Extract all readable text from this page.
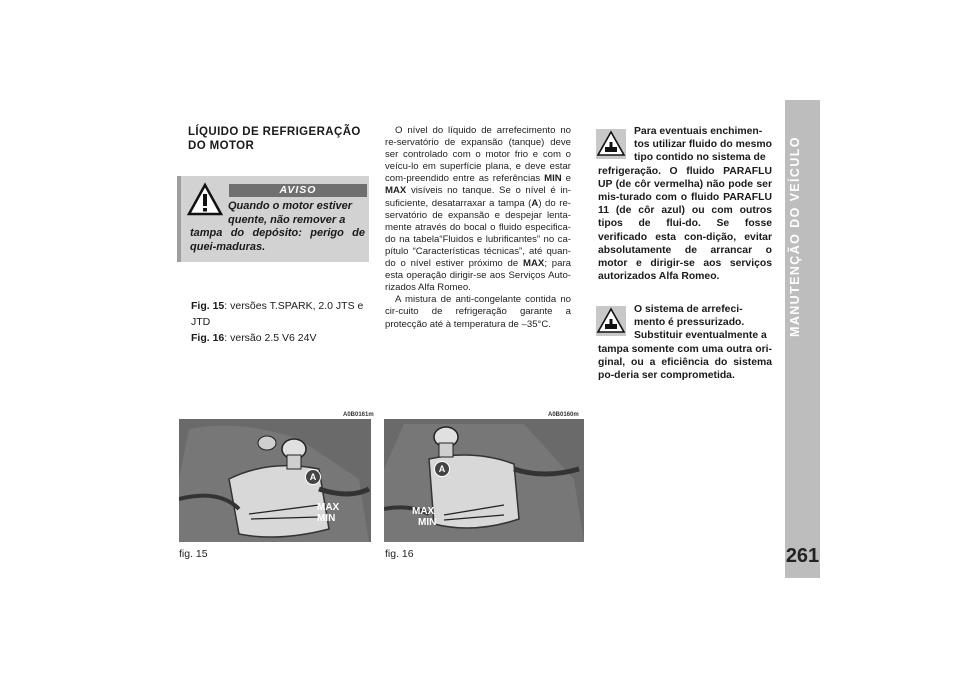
MANUTENÇÃO DO VEÍCULO
261
LÍQUIDO DE REFRIGERAÇÃO
DO MOTOR
AVISO
Quando o motor estiver
quente, não remover a
tampa do depósito: perigo de quei-maduras.
Fig. 15: versões T.SPARK, 2.0 JTS e JTD
Fig. 16: versão 2.5 V6 24V

O nível do líquido de arrefecimento no re-servatório de expansão (tanque) deve ser controlado com o motor frio e com o veícu-lo em superfície plana, e deve estar com-preendido entre as referências MIN e MAX visíveis no tanque. Se o nível é in-suficiente, desatarraxar a tampa (A) do re-servatório de expansão e despejar lenta-mente através do bocal o fluido especifica-do na tabela“Fluidos e lubrificantes” no ca-pítulo “Características técnicas”, até quan-do o nível estiver próximo de MAX; para esta operação dirigir-se aos Serviços Auto-rizados Alfa Romeo.

A mistura de anti-congelante contida no cir-cuito de refrigeração garante a protecção até à temperatura de –35°C.

Para eventuais enchimen-
tos utilizar fluido do mesmo
tipo contido no sistema de
refrigeração. O fluido PARAFLU UP (de côr vermelha) não pode ser mis-turado com o fluido PARAFLU 11 (de côr azul) ou com outros tipos de flui-do. Se fosse verificado esta con-dição, evitar absolutamente de arrancar o motor e dirigir-se aos serviços autorizados Alfa Romeo.
O sistema de arrefeci-
mento é pressurizado.
Substituir eventualmente a
tampa somente com uma outra ori-ginal, ou a eficiência do sistema po-deria ser comprometida.
A0B0161m
A
MAX
MIN
fig. 15
A0B0160m
A
MAX
MIN
fig. 16
